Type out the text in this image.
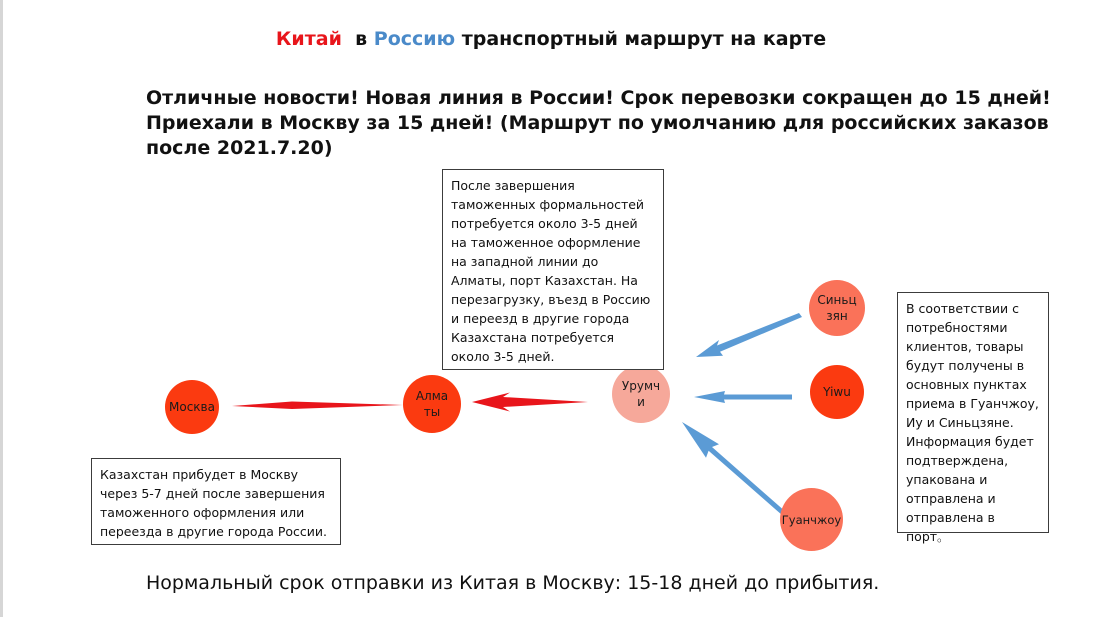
Китай в Россию транспортный маршрут на карте
Отличные новости! Новая линия в России! Срок перевозки сокращен до 15 дней! Приехали в Москву за 15 дней! (Маршрут по умолчанию для российских заказов после 2021.7.20)
Москва
Алматы
Урумчи
Синьцзян
Yiwu
Гуанчжоу
После завершения таможенных формальностей потребуется около 3-5 дней на таможенное оформление на западной линии до Алматы, порт Казахстан. На перезагрузку, въезд в Россию и переезд в другие города Казахстана потребуется около 3-5 дней.
В соответствии с потребностями клиентов, товары будут получены в основных пунктах приема в Гуанчжоу, Иу и Синьцзяне. Информация будет подтверждена, упакована и отправлена и отправлена в порт。
Казахстан прибудет в Москву через 5-7 дней после завершения таможенного оформления или переезда в другие города России.
Нормальный срок отправки из Китая в Москву: 15-18 дней до прибытия.
